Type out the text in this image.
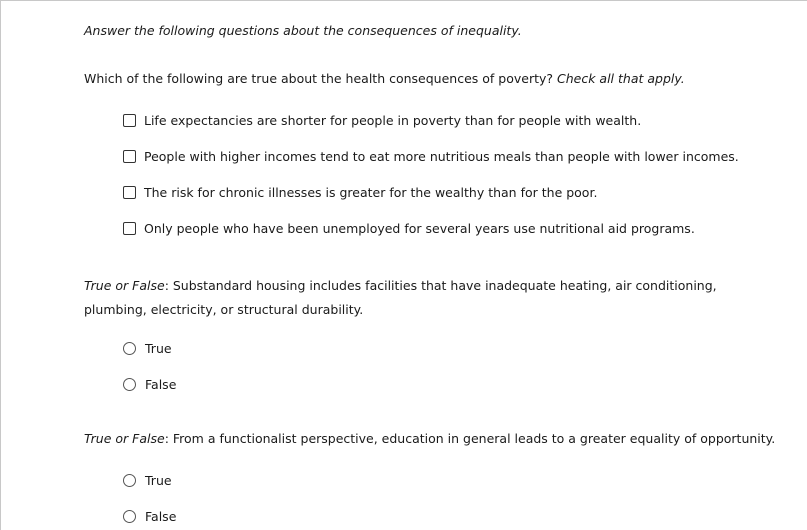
Answer the following questions about the consequences of inequality.
Which of the following are true about the health consequences of poverty? Check all that apply.
Life expectancies are shorter for people in poverty than for people with wealth.
People with higher incomes tend to eat more nutritious meals than people with lower incomes.
The risk for chronic illnesses is greater for the wealthy than for the poor.
Only people who have been unemployed for several years use nutritional aid programs.
True or False: Substandard housing includes facilities that have inadequate heating, air conditioning, plumbing, electricity, or structural durability.
True
False
True or False: From a functionalist perspective, education in general leads to a greater equality of opportunity.
True
False
